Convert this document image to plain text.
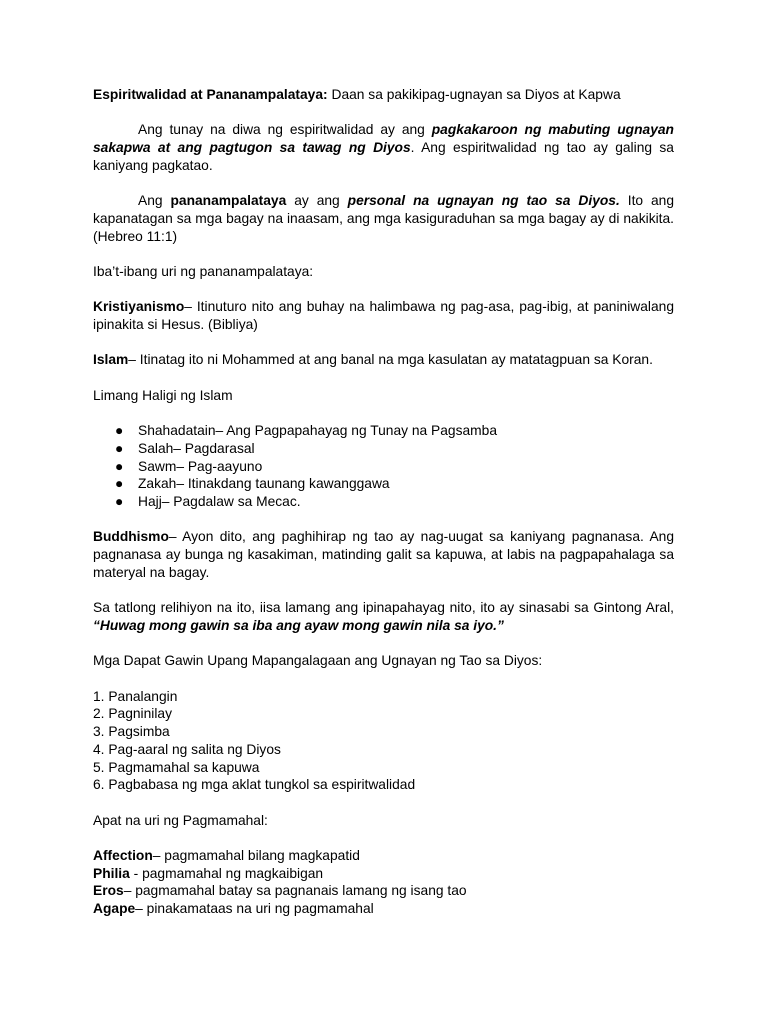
Espiritwalidad at Pananampalataya: Daan sa pakikipag-ugnayan sa Diyos at Kapwa

Ang tunay na diwa ng espiritwalidad ay ang pagkakaroon ng mabuting ugnayan sakapwa at ang pagtugon sa tawag ng Diyos. Ang espiritwalidad ng tao ay galing sa kaniyang pagkatao.

Ang pananampalataya ay ang personal na ugnayan ng tao sa Diyos. Ito ang kapanatagan sa mga bagay na inaasam, ang mga kasiguraduhan sa mga bagay ay di nakikita. (Hebreo 11:1)

Iba’t-ibang uri ng pananampalataya:

Kristiyanismo– Itinuturo nito ang buhay na halimbawa ng pag-asa, pag-ibig, at paniniwalang ipinakita si Hesus. (Bibliya)

Islam– Itinatag ito ni Mohammed at ang banal na mga kasulatan ay matatagpuan sa Koran.

Limang Haligi ng Islam

● Shahadatain– Ang Pagpapahayag ng Tunay na Pagsamba
● Salah– Pagdarasal
● Sawm– Pag-aayuno
● Zakah– Itinakdang taunang kawanggawa
● Hajj– Pagdalaw sa Mecac.

Buddhismo– Ayon dito, ang paghihirap ng tao ay nag-uugat sa kaniyang pagnanasa. Ang pagnanasa ay bunga ng kasakiman, matinding galit sa kapuwa, at labis na pagpapahalaga sa materyal na bagay.

Sa tatlong relihiyon na ito, iisa lamang ang ipinapahayag nito, ito ay sinasabi sa Gintong Aral, “Huwag mong gawin sa iba ang ayaw mong gawin nila sa iyo.”

Mga Dapat Gawin Upang Mapangalagaan ang Ugnayan ng Tao sa Diyos:

1. Panalangin
2. Pagninilay
3. Pagsimba
4. Pag-aaral ng salita ng Diyos
5. Pagmamahal sa kapuwa
6. Pagbabasa ng mga aklat tungkol sa espiritwalidad

Apat na uri ng Pagmamahal:

Affection– pagmamahal bilang magkapatid
Philia - pagmamahal ng magkaibigan
Eros– pagmamahal batay sa pagnanais lamang ng isang tao
Agape– pinakamataas na uri ng pagmamahal
